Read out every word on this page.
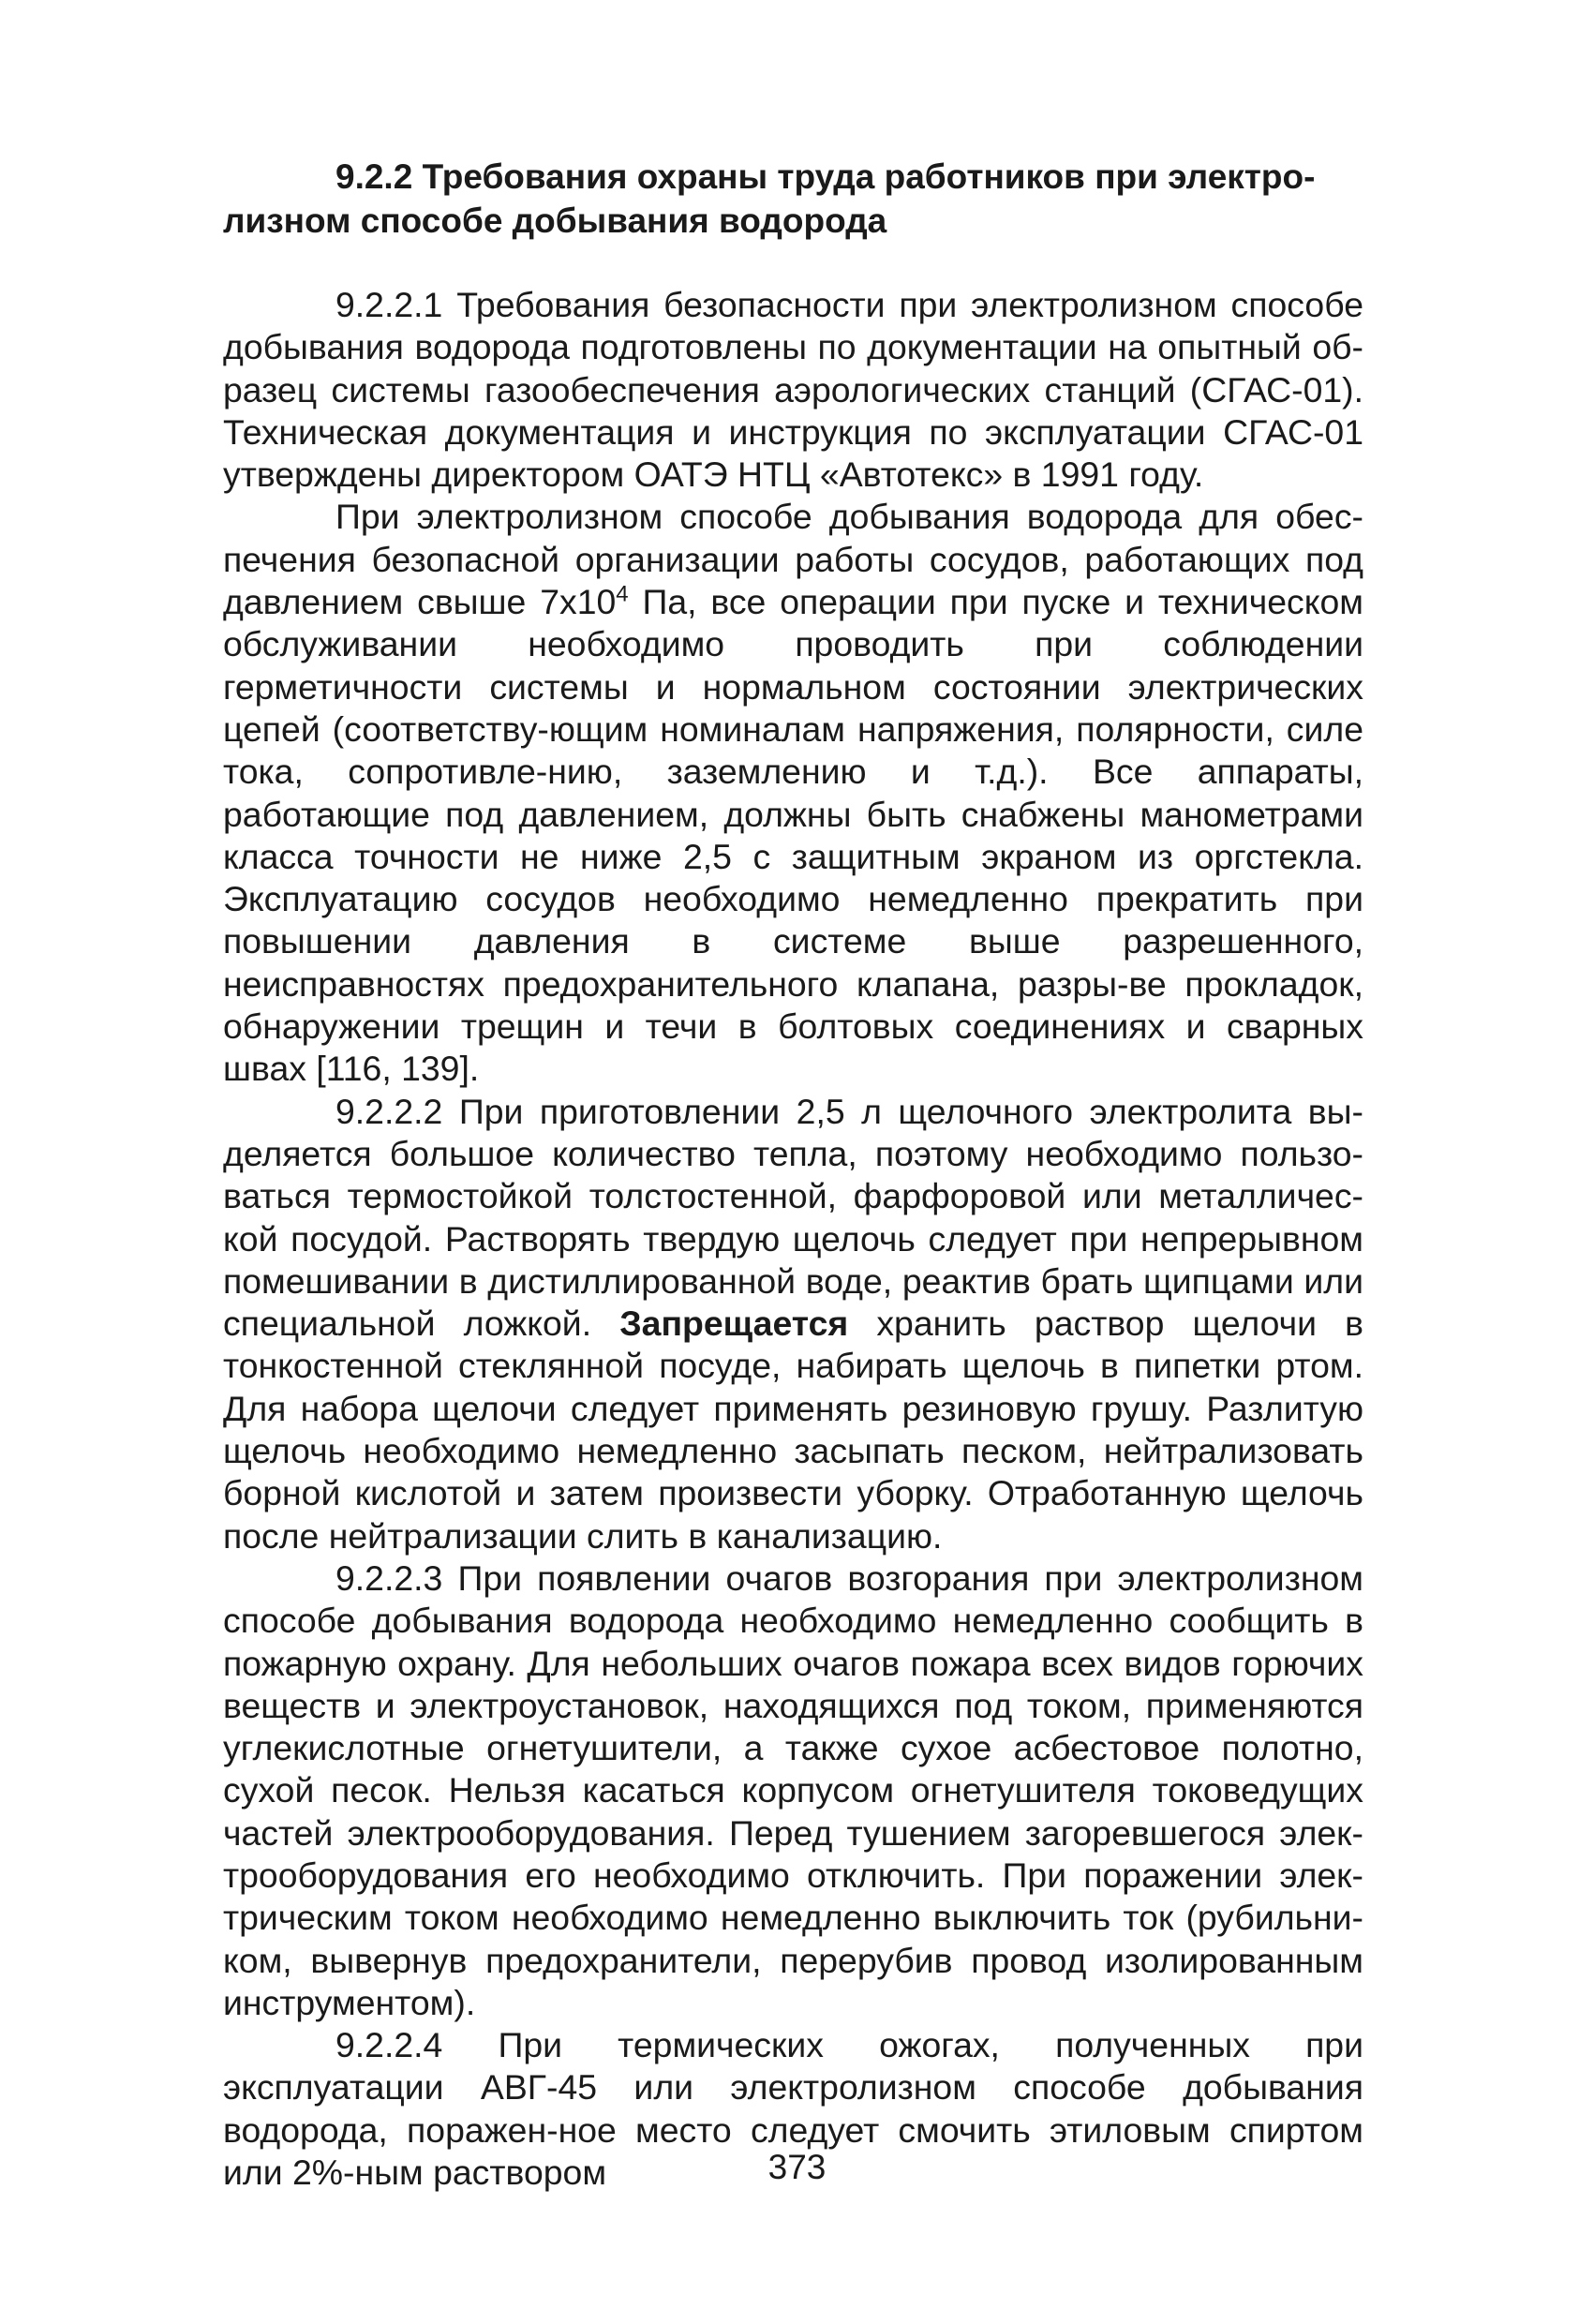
9.2.2 Требования охраны труда работников при электро-
лизном способе добывания водорода

9.2.2.1 Требования безопасности при электролизном способе добывания водорода подготовлены по документации на опытный об-разец системы газообеспечения аэрологических станций (СГАС-01). Техническая документация и инструкция по эксплуатации СГАС-01 утверждены директором ОАТЭ НТЦ «Автотекс» в 1991 году.

При электролизном способе добывания водорода для обес-печения безопасной организации работы сосудов, работающих под давлением свыше $7х10^4$ Па, все операции при пуске и техническом обслуживании необходимо проводить при соблюдении герметичности системы и нормальном состоянии электрических цепей (соответству-ющим номиналам напряжения, полярности, силе тока, сопротивле-нию, заземлению и т.д.). Все аппараты, работающие под давлением, должны быть снабжены манометрами класса точности не ниже 2,5 с защитным экраном из оргстекла. Эксплуатацию сосудов необходимо немедленно прекратить при повышении давления в системе выше разрешенного, неисправностях предохранительного клапана, разры-ве прокладок, обнаружении трещин и течи в болтовых соединениях и сварных швах [116, 139].

9.2.2.2 При приготовлении 2,5 л щелочного электролита вы-деляется большое количество тепла, поэтому необходимо пользо-ваться термостойкой толстостенной, фарфоровой или металличес-кой посудой. Растворять твердую щелочь следует при непрерывном помешивании в дистиллированной воде, реактив брать щипцами или специальной ложкой. Запрещается хранить раствор щелочи в тонкостенной стеклянной посуде, набирать щелочь в пипетки ртом. Для набора щелочи следует применять резиновую грушу. Разлитую щелочь необходимо немедленно засыпать песком, нейтрализовать борной кислотой и затем произвести уборку. Отработанную щелочь после нейтрализации слить в канализацию.

9.2.2.3 При появлении очагов возгорания при электролизном способе добывания водорода необходимо немедленно сообщить в пожарную охрану. Для небольших очагов пожара всех видов горючих веществ и электроустановок, находящихся под током, применяются углекислотные огнетушители, а также сухое асбестовое полотно, сухой песок. Нельзя касаться корпусом огнетушителя токоведущих частей электрооборудования. Перед тушением загоревшегося элек-трооборудования его необходимо отключить. При поражении элек-трическим током необходимо немедленно выключить ток (рубильни-ком, вывернув предохранители, перерубив провод изолированным инструментом).

9.2.2.4 При термических ожогах, полученных при эксплуатации АВГ-45 или электролизном способе добывания водорода, поражен-ное место следует смочить этиловым спиртом или 2%-ным раствором	373
